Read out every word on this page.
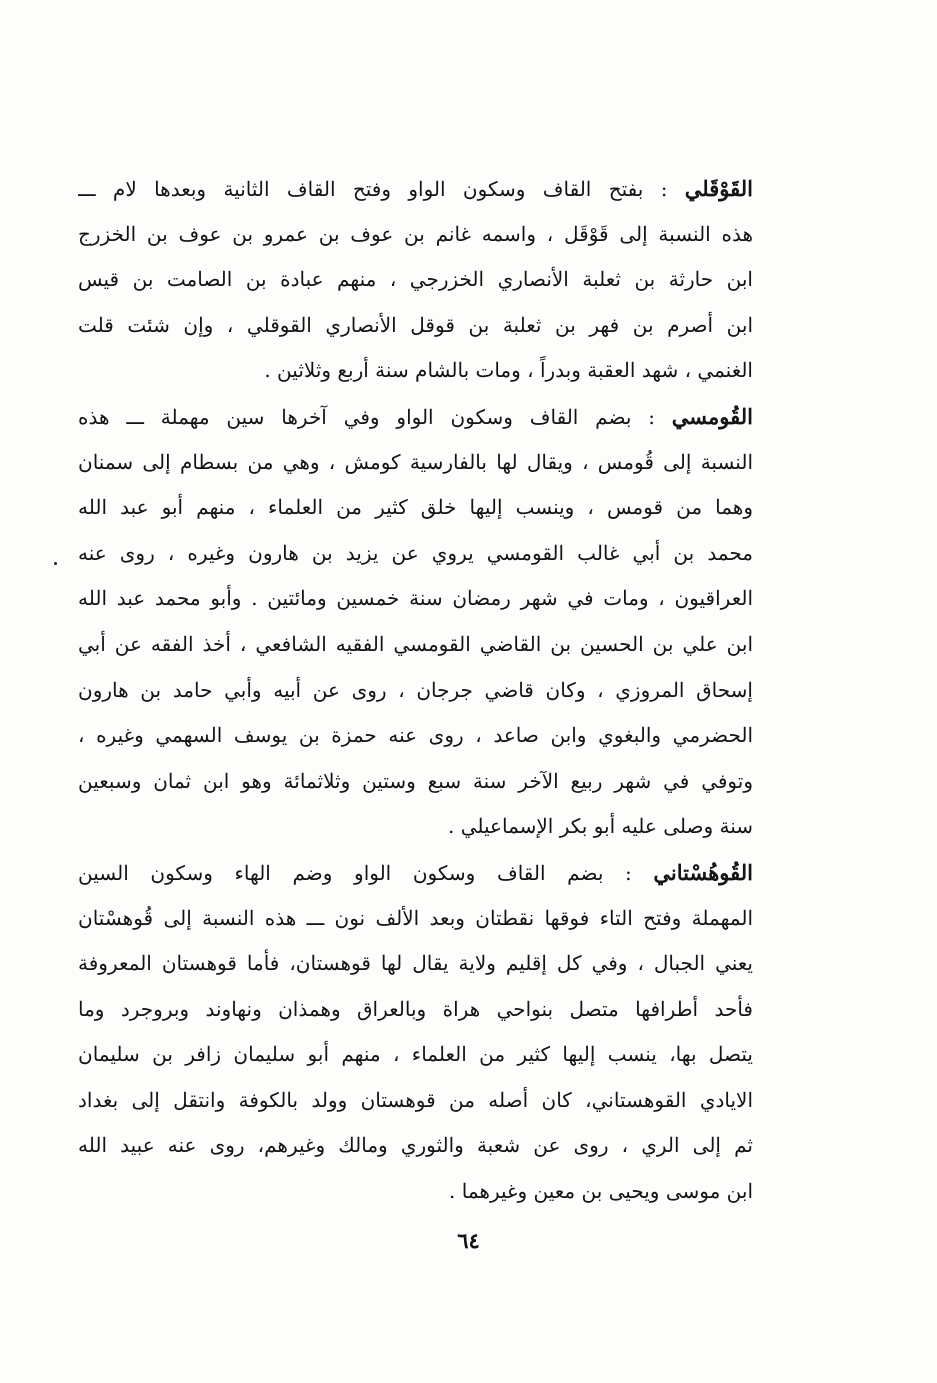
القَوْقَلي : بفتح القاف وسكون الواو وفتح القاف الثانية وبعدها لام ـــ
هذه النسبة إلى قَوْقَل ، واسمه غانم بن عوف بن عمرو بن عوف بن الخزرج
ابن حارثة بن ثعلبة الأنصاري الخزرجي ، منهم عبادة بن الصامت بن قيس
ابن أصرم بن فهر بن ثعلبة بن قوقل الأنصاري القوقلي ، وإن شئت قلت
الغنمي ، شهد العقبة وبدراً ، ومات بالشام سنة أربع وثلاثين .
القُومسي : بضم القاف وسكون الواو وفي آخرها سين مهملة ـــ هذه
النسبة إلى قُومس ، ويقال لها بالفارسية كومش ، وهي من بسطام إلى سمنان
وهما من قومس ، وينسب إليها خلق كثير من العلماء ، منهم أبو عبد الله
محمد بن أبي غالب القومسي يروي عن يزيد بن هارون وغيره ، روى عنه
العراقيون ، ومات في شهر رمضان سنة خمسين ومائتين . وأبو محمد عبد الله
ابن علي بن الحسين بن القاضي القومسي الفقيه الشافعي ، أخذ الفقه عن أبي
إسحاق المروزي ، وكان قاضي جرجان ، روى عن أبيه وأبي حامد بن هارون
الحضرمي والبغوي وابن صاعد ، روى عنه حمزة بن يوسف السهمي وغيره ،
وتوفي في شهر ربيع الآخر سنة سبع وستين وثلاثمائة وهو ابن ثمان وسبعين
سنة وصلى عليه أبو بكر الإسماعيلي .
القُوهُسْتاني : بضم القاف وسكون الواو وضم الهاء وسكون السين
المهملة وفتح التاء فوقها نقطتان وبعد الألف نون ـــ هذه النسبة إلى قُوهسْتان
يعني الجبال ، وفي كل إقليم ولاية يقال لها قوهستان، فأما قوهستان المعروفة
فأحد أطرافها متصل بنواحي هراة وبالعراق وهمذان ونهاوند وبروجرد وما
يتصل بها، ينسب إليها كثير من العلماء ، منهم أبو سليمان زافر بن سليمان
الايادي القوهستاني، كان أصله من قوهستان وولد بالكوفة وانتقل إلى بغداد
ثم إلى الري ، روى عن شعبة والثوري ومالك وغيرهم، روى عنه عبيد الله
ابن موسى ويحيى بن معين وغيرهما .
٦٤
